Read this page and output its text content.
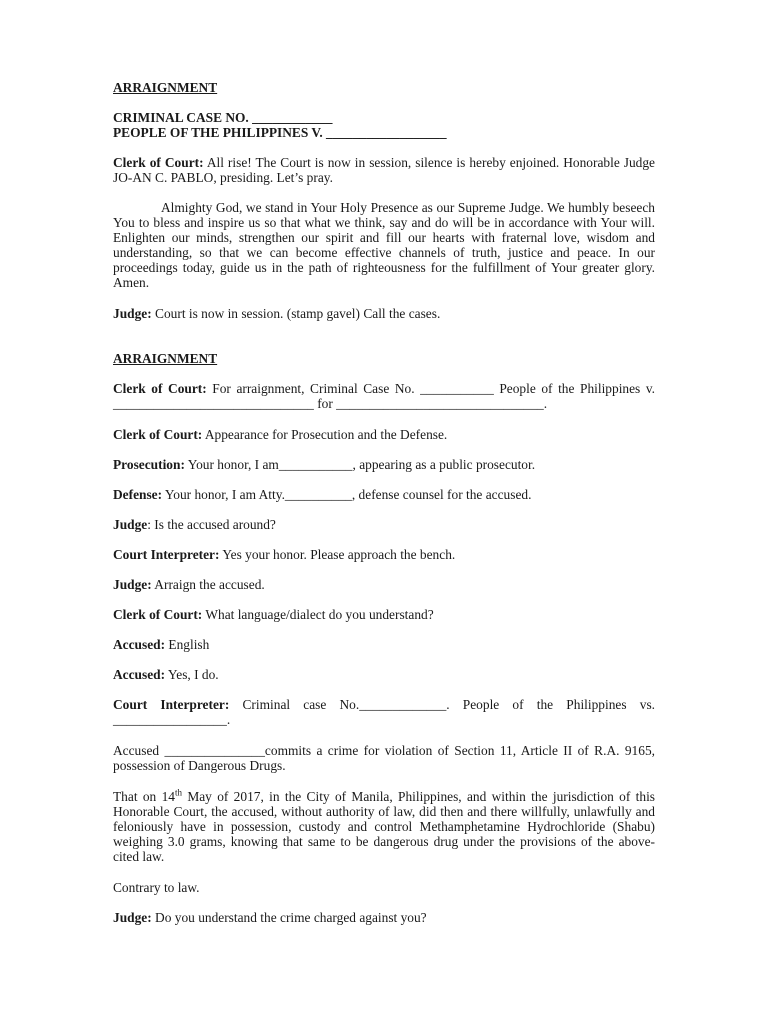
ARRAIGNMENT

CRIMINAL CASE NO. ____________

PEOPLE OF THE PHILIPPINES V. __________________

Clerk of Court: All rise! The Court is now in session, silence is hereby enjoined. Honorable Judge JO-AN C. PABLO, presiding. Let’s pray.

Almighty God, we stand in Your Holy Presence as our Supreme Judge. We humbly beseech You to bless and inspire us so that what we think, say and do will be in accordance with Your will. Enlighten our minds, strengthen our spirit and fill our hearts with fraternal love, wisdom and understanding, so that we can become effective channels of truth, justice and peace. In our proceedings today, guide us in the path of righteousness for the fulfillment of Your greater glory. Amen.

Judge: Court is now in session. (stamp gavel) Call the cases.

ARRAIGNMENT

Clerk of Court: For arraignment, Criminal Case No. ___________ People of the Philippines v. ______________________________ for _______________________________.

Clerk of Court: Appearance for Prosecution and the Defense.

Prosecution: Your honor, I am___________, appearing as a public prosecutor.

Defense: Your honor, I am Atty.__________, defense counsel for the accused.

Judge: Is the accused around?

Court Interpreter: Yes your honor. Please approach the bench.

Judge: Arraign the accused.

Clerk of Court: What language/dialect do you understand?

Accused: English

Accused: Yes, I do.

Court Interpreter: Criminal case No._____________. People of the Philippines vs. _________________.

Accused _______________commits a crime for violation of Section 11, Article II of R.A. 9165, possession of Dangerous Drugs.

That on 14th May of 2017, in the City of Manila, Philippines, and within the jurisdiction of this Honorable Court, the accused, without authority of law, did then and there willfully, unlawfully and feloniously have in possession, custody and control Methamphetamine Hydrochloride (Shabu) weighing 3.0 grams, knowing that same to be dangerous drug under the provisions of the above-cited law.

Contrary to law.

Judge: Do you understand the crime charged against you?
